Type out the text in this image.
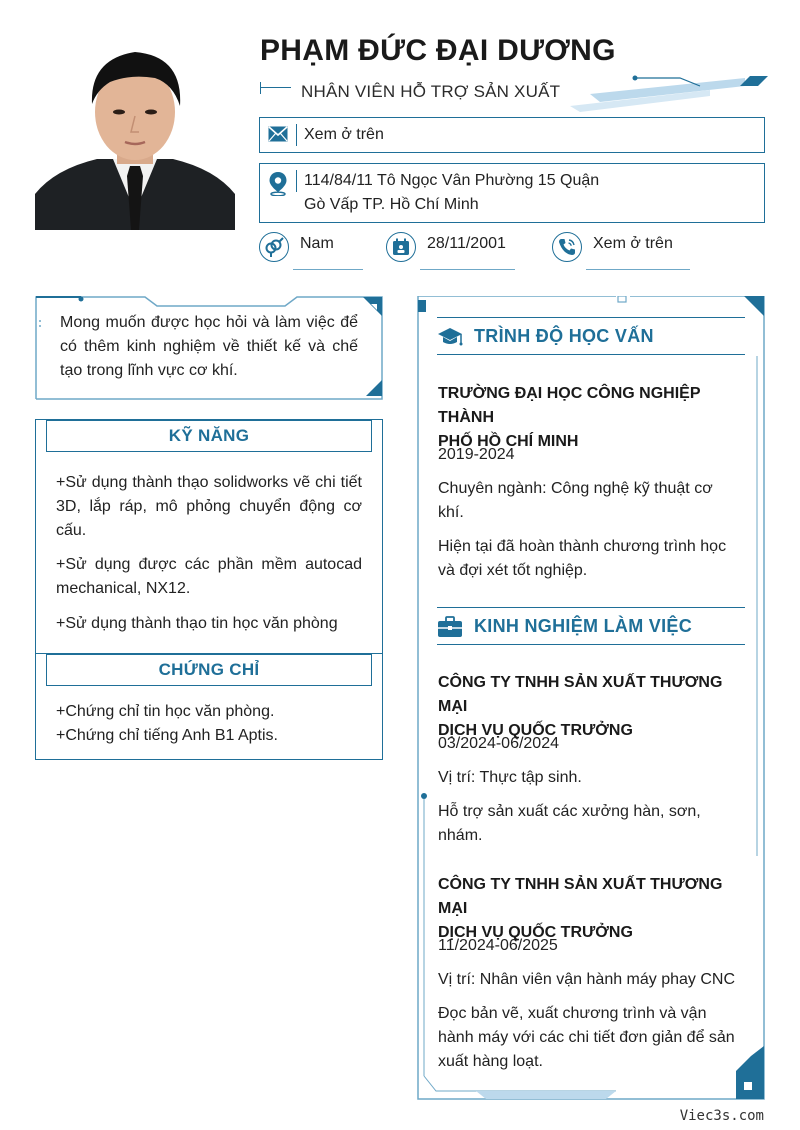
PHẠM ĐỨC ĐẠI DƯƠNG
NHÂN VIÊN HỖ TRỢ SẢN XUẤT
Xem ở trên
114/84/11 Tô Ngọc Vân Phường 15 Quận
Gò Vấp TP. Hồ Chí Minh
Nam	28/11/2001	Xem ở trên
Mong muốn được học hỏi và làm việc để có thêm kinh nghiệm về thiết kế và chế tạo trong lĩnh vực cơ khí.
KỸ NĂNG
+Sử dụng thành thạo solidworks vẽ chi tiết 3D, lắp ráp, mô phỏng chuyển động cơ cấu.
+Sử dụng được các phần mềm autocad mechanical, NX12.
+Sử dụng thành thạo tin học văn phòng
CHỨNG CHỈ
+Chứng chỉ tin học văn phòng.
+Chứng chỉ tiếng Anh B1 Aptis.
TRÌNH ĐỘ HỌC VẤN
TRƯỜNG ĐẠI HỌC CÔNG NGHIỆP THÀNH
PHỐ HỒ CHÍ MINH
2019-2024
Chuyên ngành: Công nghệ kỹ thuật cơ
khí.
Hiện tại đã hoàn thành chương trình học
và đợi xét tốt nghiệp.
KINH NGHIỆM LÀM VIỆC
CÔNG TY TNHH SẢN XUẤT THƯƠNG MẠI
DỊCH VỤ QUỐC TRƯỞNG
03/2024-06/2024
Vị trí: Thực tập sinh.
Hỗ trợ sản xuất các xưởng hàn, sơn,
nhám.
CÔNG TY TNHH SẢN XUẤT THƯƠNG MẠI
DỊCH VỤ QUỐC TRƯỞNG
11/2024-06/2025
Vị trí: Nhân viên vận hành máy phay CNC
Đọc bản vẽ, xuất chương trình và vận
hành máy với các chi tiết đơn giản để sản
xuất hàng loạt.
Viec3s.com
